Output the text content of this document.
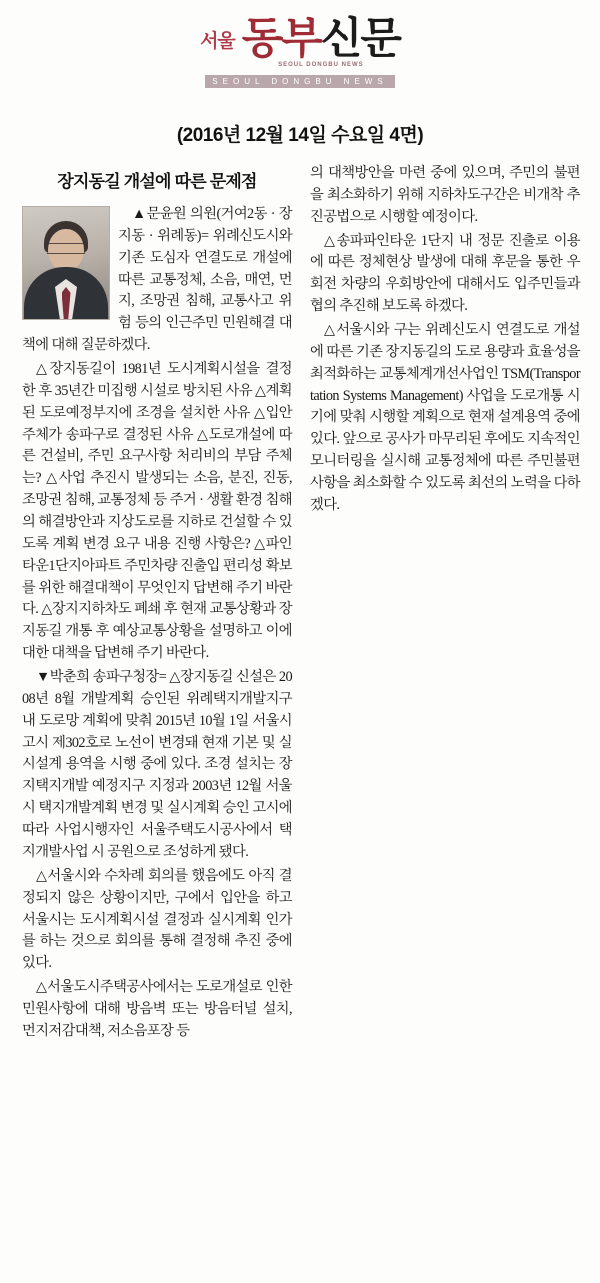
서울 동부신문
SEOUL DONGBU NEWS
SEOUL DONGBU NEWS
(2016년 12월 14일 수요일 4면)
장지동길 개설에 따른 문제점

▲문윤원 의원(거여2동 · 장지동 · 위례동)= 위례신도시와 기존 도심자 연결도로 개설에 따른 교통정체, 소음, 매연, 먼지, 조망권 침해, 교통사고 위험 등의 인근주민 민원해결 대책에 대해 질문하겠다.

△장지동길이 1981년 도시계획시설을 결정한 후 35년간 미집행 시설로 방치된 사유 △계획된 도로예정부지에 조경을 설치한 사유 △입안주체가 송파구로 결정된 사유 △도로개설에 따른 건설비, 주민 요구사항 처리비의 부담 주체는? △사업 추진시 발생되는 소음, 분진, 진동, 조망권 침해, 교통정체 등 주거 · 생활 환경 침해의 해결방안과 지상도로를 지하로 건설할 수 있도록 계획 변경 요구 내용 진행 사항은? △파인타운1단지아파트 주민차량 진출입 편리성 확보를 위한 해결대책이 무엇인지 답변해 주기 바란다. △장지지하차도 폐쇄 후 현재 교통상황과 장지동길 개통 후 예상교통상황을 설명하고 이에 대한 대책을 답변해 주기 바란다.

▼박춘희 송파구청장= △장지동길 신설은 2008년 8월 개발계획 승인된 위례택지개발지구 내 도로망 계획에 맞춰 2015년 10월 1일 서울시 고시 제302호로 노선이 변경돼 현재 기본 및 실시설계 용역을 시행 중에 있다. 조경 설치는 장지택지개발 예정지구 지정과 2003년 12월 서울시 택지개발계획 변경 및 실시계획 승인 고시에 따라 사업시행자인 서울주택도시공사에서 택지개발사업 시 공원으로 조성하게 됐다.

△서울시와 수차례 회의를 했음에도 아직 결정되지 않은 상황이지만, 구에서 입안을 하고 서울시는 도시계획시설 결정과 실시계획 인가를 하는 것으로 회의를 통해 결정해 추진 중에 있다.

△서울도시주택공사에서는 도로개설로 인한 민원사항에 대해 방음벽 또는 방음터널 설치, 먼지저감대책, 저소음포장 등

의 대책방안을 마련 중에 있으며, 주민의 불편을 최소화하기 위해 지하차도구간은 비개착 추진공법으로 시행할 예정이다.

△송파파인타운 1단지 내 정문 진출로 이용에 따른 정체현상 발생에 대해 후문을 통한 우회전 차량의 우회방안에 대해서도 입주민들과 협의 추진해 보도록 하겠다.

△서울시와 구는 위례신도시 연결도로 개설에 따른 기존 장지동길의 도로 용량과 효율성을 최적화하는 교통체계개선사업인 TSM(Transportation Systems Management) 사업을 도로개통 시기에 맞춰 시행할 계획으로 현재 설계용역 중에 있다. 앞으로 공사가 마무리된 후에도 지속적인 모니터링을 실시해 교통정체에 따른 주민불편사항을 최소화할 수 있도록 최선의 노력을 다하겠다.
